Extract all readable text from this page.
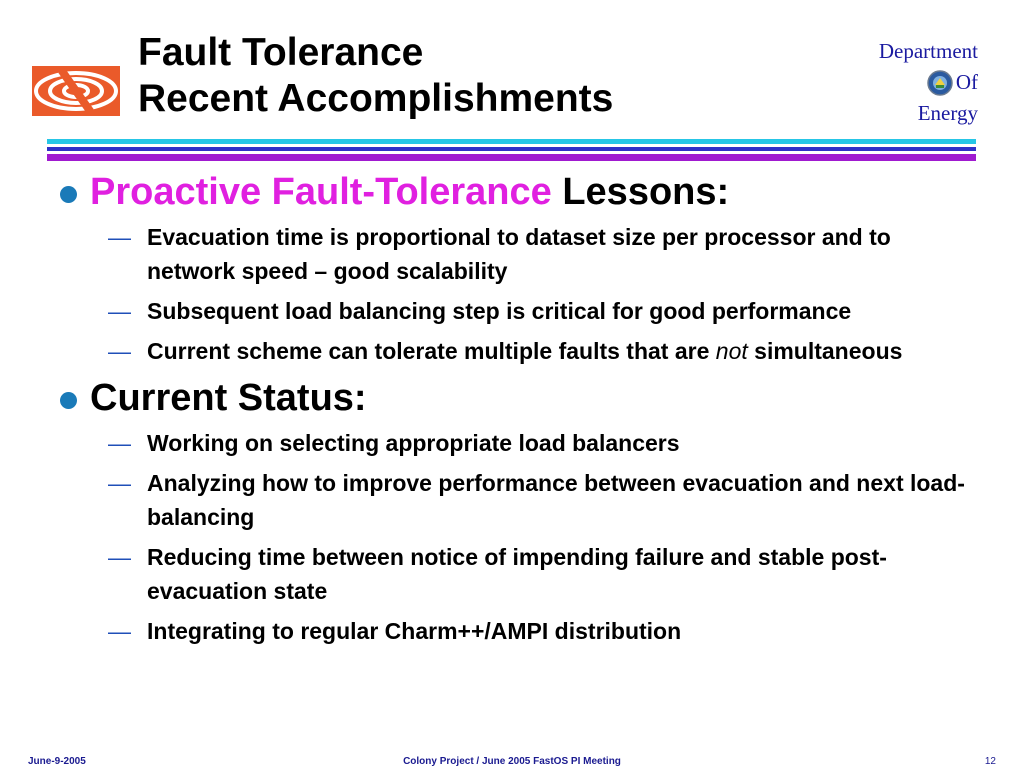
Fault Tolerance
Recent Accomplishments
Department
Of
Energy
Proactive Fault-Tolerance Lessons:
— Evacuation time is proportional to dataset size per processor and to network speed – good scalability
— Subsequent load balancing step is critical for good performance
— Current scheme can tolerate multiple faults that are not simultaneous
Current Status:
— Working on selecting appropriate load balancers
— Analyzing how to improve performance between evacuation and next load-balancing
— Reducing time between notice of impending failure and stable post-evacuation state
— Integrating to regular Charm++/AMPI distribution
June-9-2005	Colony Project / June 2005 FastOS PI Meeting	12
